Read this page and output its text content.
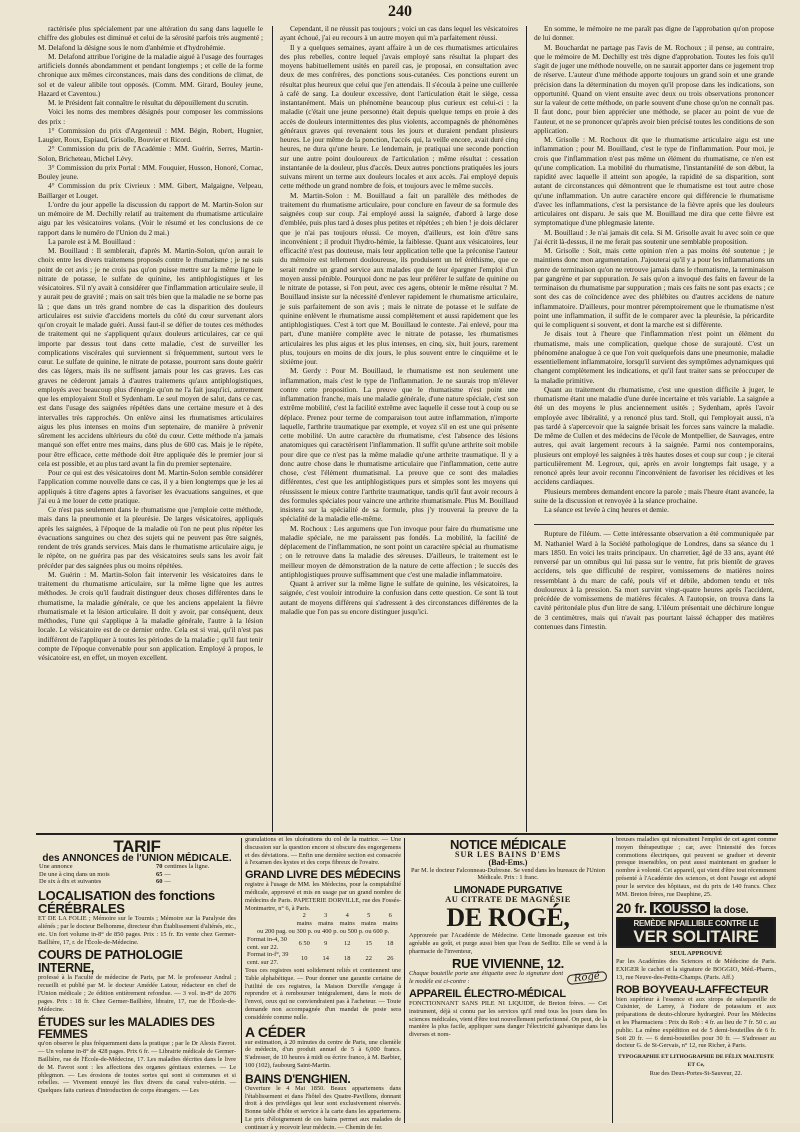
240

ractérisée plus spécialement par une altération du sang dans laquelle le chiffre des globules est diminué et celui de la sérosité parfois très augmenté ; M. Delafond la désigne sous le nom d'anhémie et d'hydrohémie.

M. Delafond attribue l'origine de la maladie aigué à l'usage des fourrages artificiels donnés abondamment et pendant longtemps ; et celle de la forme chronique aux mêmes circonstances, mais dans des conditions de climat, de sol et de valeur alibile tout opposés. (Comm. MM. Girard, Bouley jeune, Hazard et Caventou.)

M. le Président fait connaître le résultat du dépouillement du scrutin.

Voici les noms des membres désignés pour composer les commissions des prix :

1° Commission du prix d'Argenteuil : MM. Bégin, Robert, Hugnier, Laugier, Roux, Espiaud, Grisolle, Bouvier et Ricord.

2° Commission du prix de l'Académie : MM. Guérin, Serres, Martin-Solon, Bricheteau, Michel Lévy.

3° Commission du prix Portal : MM. Fouquier, Husson, Honoré, Cornac, Bouley jeune.

4° Commission du prix Civrieux : MM. Gibert, Malgaigne, Velpeau, Baillarger et Louget.

L'ordre du jour appelle la discussion du rapport de M. Martin-Solon sur un mémoire de M. Dechilly relatif au traitement du rhumatisme articulaire aigu par les vésicatoires volans. (Voir le résumé et les conclusions de ce rapport dans le numéro de l'Union du 2 mai.)

La parole est à M. Bouillaud :

M. Bouillaud : Il semblerait, d'après M. Martin-Solon, qu'on aurait le choix entre les divers traitemens proposés contre le rhumatisme ; je ne suis point de cet avis ; je ne crois pas qu'on puisse mettre sur la même ligne le nitrate de potasse, le sulfate de quinine, les antiphlogistiques et les vésicatoires. S'il n'y avait à considérer que l'inflammation articulaire seule, il y aurait peu de gravité ; mais on sait très bien que la maladie ne se borne pas là ; que dans un très grand nombre de cas la disparition des douleurs articulaires est suivie d'accidens mortels du côté du cœur survenant alors qu'on croyait le malade guéri. Aussi faut-il se défier de toutes ces méthodes de traitement qui ne s'appliquent qu'aux douleurs articulaires, car ce qui importe par dessus tout dans cette maladie, c'est de surveiller les complications viscérales qui surviennent si fréquemment, surtout vers le cœur. Le sulfate de quinine, le nitrate de potasse, pourront sans doute guérir des cas légers, mais ils ne suffisent jamais pour les cas graves. Les cas graves ne cèderont jamais à d'autres traitemens qu'aux antiphlogistiques, employés avec beaucoup plus d'énergie qu'on ne l'a fait jusqu'ici, autrement que les employaient Stoll et Sydenham. Le seul moyen de salut, dans ce cas, est dans l'usage des saignées répétées dans une certaine mesure et à des intervalles très rapprochés. On enlève ainsi les rhumatismes articulaires aigus les plus intenses en moins d'un septenaire, de manière à prévenir sûrement les accidens ultérieurs du côté du cœur. Cette méthode n'a jamais manqué son effet entre mes mains, dans plus de 600 cas. Mais je le répète, pour être efficace, cette méthode doit être appliquée dès le premier jour si cela est possible, et au plus tard avant la fin du premier septenaire.

Pour ce qui est des vésicatoires dont M. Martin-Solon semble considérer l'application comme nouvelle dans ce cas, il y a bien longtemps que je les ai appliqués à titre d'agens aptes à favoriser les évacuations sanguines, et que j'ai eu à me louer de cette pratique.

Ce n'est pas seulement dans le rhumatisme que j'emploie cette méthode, mais dans la pneumonie et la pleurésie. De larges vésicatoires, appliqués après les saignées, à l'époque de la maladie où l'on ne peut plus répéter les évacuations sanguines ou chez des sujets qui ne peuvent pas être saignés, rendent de très grands services. Mais dans le rhumatisme articulaire aigu, je le répète, on ne guérira pas par des vésicatoires seuls sans les avoir fait précéder par des saignées plus ou moins répétées.

M. Guérin : M. Martin-Solon fait intervenir les vésicatoires dans le traitement du rhumatisme articulaire, sur la même ligne que les autres méthodes. Je crois qu'il faudrait distinguer deux choses différentes dans le rhumatisme, la maladie générale, ce que les anciens appelaient la fièvre rhumatismale et la lésion articulaire. Il doit y avoir, par conséquent, deux méthodes, l'une qui s'applique à la maladie générale, l'autre à la lésion locale. Le vésicatoire est de ce dernier ordre. Cela est si vrai, qu'il n'est pas indifférent de l'appliquer à toutes les périodes de la maladie ; qu'il faut tenir compte de l'époque convenable pour son application. Employé à propos, le vésicatoire est, en effet, un moyen excellent.

Cependant, il ne réussit pas toujours ; voici un cas dans lequel les vésicatoires ayant échoué, j'ai eu recours à un autre moyen qui m'a parfaitement réussi.

Il y a quelques semaines, ayant affaire à un de ces rhumatismes articulaires des plus rebelles, contre lequel j'avais employé sans résultat la plupart des moyens habituellement usités en pareil cas, je proposai, en consultation avec deux de mes confrères, des ponctions sous-cutanées. Ces ponctions eurent un résultat plus heureux que celui que j'en attendais. Il s'écoula à peine une cuillerée à café de sang. La douleur excessive, dont l'articulation était le siège, cessa instantanément. Mais un phénomène beaucoup plus curieux est celui-ci : la maladie (c'était une jeune personne) était depuis quelque temps en proie à des accès de douleurs intermittentes des plus violents, accompagnés de phénomènes généraux graves qui revenaient tous les jours et duraient pendant plusieurs heures. Le jour même de la ponction, l'accès qui, la veille encore, avait duré cinq heures, ne dura qu'une heure. Le lendemain, je pratiquai une seconde ponction sur une autre point douloureux de l'articulation ; même résultat : cessation instantanée de la douleur, plus d'accès. Deux autres ponctions pratiquées les jours suivans mirent un terme aux douleurs locales et aux accès. J'ai employé depuis cette méthode un grand nombre de fois, et toujours avec le même succès.

M. Martin-Solon : M. Bouillaud a fait un parallèle des méthodes de traitement du rhumatisme articulaire, pour conclure en faveur de sa formule des saignées coup sur coup. J'ai employé aussi la saignée, d'abord à large dose d'emblée, puis plus tard à doses plus petites et répétées ; eh bien ! je dois déclarer que je n'ai pas toujours réussi. Ce moyen, d'ailleurs, est loin d'être sans inconvénient ; il produit l'hydro-hémie, la faiblesse. Quant aux vésicatoires, leur efficacité n'est pas douteuse, mais leur application telle que la préconise l'auteur du mémoire est tellement douloureuse, ils produisent un tel éréthisme, que ce serait rendre un grand service aux malades que de leur épargner l'emploi d'un moyen aussi pénible. Pourquoi donc ne pas leur préférer le sulfate de quinine ou le nitrate de potasse, si l'on peut, avec ces agens, obtenir le même résultat ? M. Bouillaud insiste sur la nécessité d'enlever rapidement le rhumatisme articulaire, je suis parfaitement de son avis ; mais le nitrate de potasse et le sulfate de quinine enlèvent le rhumatisme aussi complètement et aussi rapidement que les antiphlogistiques. C'est à tort que M. Bouillaud le conteste. J'ai enlevé, pour ma part, d'une manière complète avec le nitrate de potasse, les rhumatismes articulaires les plus aigus et les plus intenses, en cinq, six, huit jours, rarement plus, toujours en moins de dix jours, le plus souvent entre le cinquième et le sixième jour.

M. Gerdy : Pour M. Bouillaud, le rhumatisme est non seulement une inflammation, mais c'est le type de l'inflammation. Je ne saurais trop m'élever contre cette proposition. La preuve que le rhumatisme n'est point une inflammation franche, mais une maladie générale, d'une nature spéciale, c'est son extrême mobilité, c'est la facilité extrême avec laquelle il cesse tout à coup ou se déplace. Prenez pour terme de comparaison tout autre inflammation, n'importe laquelle, l'arthrite traumatique par exemple, et voyez s'il en est une qui présente cette mobilité. Un autre caractère du rhumatisme, c'est l'absence des lésions anatomiques qui caractérisent l'inflammation. Il suffit qu'une arthrite soit mobile pour dire que ce n'est pas la même maladie qu'une arthrite traumatique. Il y a donc autre chose dans le rhumatisme articulaire que l'inflammation, cette autre chose, c'est l'élément rhumatismal. La preuve que ce sont des maladies différentes, c'est que les antiphlogistiques purs et simples sont les moyens qui réussissent le mieux contre l'arthrite traumatique, tandis qu'il faut avoir recours à des formules spéciales pour vaincre une arthrite rhumatismale. Plus M. Bouillaud insistera sur la spécialité de sa formule, plus j'y trouverai la preuve de la spécialité de la maladie elle-même.

M. Rochoux : Les argumens que l'on invoque pour faire du rhumatisme une maladie spéciale, ne me paraissent pas fondés. La mobilité, la facilité de déplacement de l'inflammation, ne sont point un caractère spécial au rhumatisme ; on le retrouve dans la maladie des séreuses. D'ailleurs, le traitement est le meilleur moyen de démonstration de la nature de cette affection ; le succès des antiphlogistiques prouve suffisamment que c'est une maladie inflammatoire.

Quant à arriver sur la même ligne le sulfate de quinine, les vésicatoires, la saignée, c'est vouloir introduire la confusion dans cette question. Ce sont là tout autant de moyens différens qui s'adressent à des circonstances différentes de la maladie que l'on pas su encore distinguer jusqu'ici.

En somme, le mémoire ne me paraît pas digne de l'approbation qu'on propose de lui donner.

M. Bouchardat ne partage pas l'avis de M. Rochoux ; il pense, au contraire, que le mémoire de M. Dechilly est très digne d'approbation. Toutes les fois qu'il s'agit de juger une méthode nouvelle, on ne saurait apporter dans ce jugement trop de réserve. L'auteur d'une méthode apporte toujours un grand soin et une grande précision dans la détermination du moyen qu'il propose dans les indications, son opportunité. Quand on vient ensuite avec deux ou trois observations prononcer sur la valeur de cette méthode, on parle souvent d'une chose qu'on ne connaît pas. Il faut donc, pour bien apprécier une méthode, se placer au point de vue de l'auteur, et ne se prononcer qu'après avoir bien précisé toutes les conditions de son application.

M. Grisolle : M. Rochoux dit que le rhumatisme articulaire aigu est une inflammation ; pour M. Bouillaud, c'est le type de l'inflammation. Pour moi, je crois que l'inflammation n'est pas même un élément du rhumatisme, ce n'en est qu'une complication. La mobilité du rhumatisme, l'instantanéité de son début, la rapidité avec laquelle il atteint son apogée, la rapidité de sa disparition, sont autant de circonstances qui démontrent que le rhumatisme est tout autre chose qu'une inflammation. Un autre caractère encore qui différencie le rhumatisme d'avec les inflammations, c'est la persistance de la fièvre après que les douleurs articulaires ont disparu. Je sais que M. Bouillaud me dira que cette fièvre est symptomatique d'une phlegmasie latente.

M. Bouillaud : Je n'ai jamais dit cela. Si M. Grisolle avait lu avec soin ce que j'ai écrit là-dessus, il ne me ferait pas soutenir une semblable proposition.

M. Grisolle : Soit, mais cette opinion n'en a pas moins été soutenue ; je maintiens donc mon argumentation. J'ajouterai qu'il y a pour les inflammations un genre de terminaison qu'on ne retrouve jamais dans le rhumatisme, la terminaison par gangrène et par suppuration. Je sais qu'on a invoqué des faits en faveur de la terminaison du rhumatisme par suppuration ; mais ces faits ne sont pas exacts ; ce sont des cas de coïncidence avec des phlébites ou d'autres accidens de nature inflammatoire. D'ailleurs, pour montrer péremptoirement que le rhumatisme n'est point une inflammation, il suffit de le comparer avec la pleurésie, la péricardite qui le compliquent si souvent, et dont la marche est si différente.

Je disais tout à l'heure que l'inflammation n'est point un élément du rhumatisme, mais une complication, quelque chose de surajouté. C'est un phénomène analogue à ce que l'on voit quelquefois dans une pneumonie, maladie essentiellement inflammatoire, lorsqu'il survient des symptômes adynamiques qui changent complètement les indications, et qu'il faut traiter sans se préoccuper de la maladie primitive.

Quant au traitement du rhumatisme, c'est une question difficile à juger, le rhumatisme étant une maladie d'une durée incertaine et très variable. La saignée a été un des moyens le plus anciennement usités ; Sydenham, après l'avoir employée avec libéralité, y a renoncé plus tard. Stoll, qui l'employait aussi, n'a pas tardé à s'apercevoir que la saignée brisait les forces sans vaincre la maladie. De même de Cullen et des médecins de l'école de Montpellier, de Sauvages, entre autres, qui avait largement recours à la saignée. Parmi nos contemporains, plusieurs ont employé les saignées à très hautes doses et coup sur coup ; je citerai particulièrement M. Legroux, qui, après en avoir longtemps fait usage, y a renoncé après leur avoir reconnu l'inconvénient de favoriser les récidives et les accidens cardiaques.

Plusieurs membres demandent encore la parole ; mais l'heure étant avancée, la suite de la discussion et renvoyée à la séance prochaine.

La séance est levée à cinq heures et demie.

Rupture de l'iléum. — Cette intéressante observation a été communiquée par M. Nathaniel Ward à la Société pathologique de Londres, dans sa séance du 1 mars 1850. En voici les traits principaux. Un charretier, âgé de 33 ans, ayant été renversé par un omnibus qui lui passa sur le ventre, fut pris bientôt de graves accidens, tels que difficulté de respirer, vomissemens de matières noires ressemblant à du marc de café, pouls vif et débile, abdomen tendu et très douloureux à la pression. Sa mort survint vingt-quatre heures après l'accident, précédée de vomissemens de matières fécales. A l'autopsie, on trouva dans la cavité péritonéale plus d'un litre de sang. L'iléum présentait une déchirure longue de 3 centimètres, mais qui n'avait pas pourtant laissé échapper des matières contenues dans l'intestin.

TARIF
des ANNONCES de l'UNION MÉDICALE.
Une annonce	70	centimes la ligne.
De une à cinq dans un mois	65	—
De six à dix et suivantes	60	—
LOCALISATION des fonctions CÉRÉBRALES

ET DE LA FOLIE ; Mémoire sur le Tournis ; Mémoire sur la Paralysie des aliénés ; par le docteur Belhomme, directeur d'un Établissement d'aliénés, etc., etc. Un fort volume in-8° de 850 pages. Prix : 15 fr. En vente chez Germer-Baillière, 17, r. de l'École-de-Médecine.

COURS DE PATHOLOGIE INTERNE,

professé à la Faculté de médecine de Paris, par M. le professeur Andral ; recueilli et publié par M. le docteur Amédée Latour, rédacteur en chef de l'Union médicale ; 2e édition entièrement refondue. — 3 vol. in-8° de 2076 pages. Prix : 18 fr. Chez Germer-Baillière, libraire, 17, rue de l'École-de-Médecine.

ÉTUDES sur les MALADIES DES FEMMES

qu'on observe le plus fréquemment dans la pratique ; par le Dr Alexis Favrot. — Un volume in-8° de 428 pages. Prix 6 fr. — Librairie médicale de Germer-Baillière, rue de l'École-de-Médecine, 17. Les maladies décrites dans le livre de M. Favrot sont : les affections des organes génitaux externes. — Le phlegmon. — Les érosions de toutes sortes qui sont si communes et si rebelles. — Vivement ennuyé les flux divers du canal vulvo-utérin. — Quelques faits curieux d'introduction de corps étrangers. — Les

granulations et les ulcérations du col de la matrice. — Une discussion sur la question encore si obscure des engorgemens et des déviations. — Enfin une dernière section est consacrée à l'examen des kystes et des corps fibreux de l'ovaire.

GRAND LIVRE DES MÉDECINS

registre à l'usage de MM. les Médecins, pour la comptabilité médicale, approuvé et mis en usage par un grand nombre de médecins de Paris. PAPETERIE DORVILLE, rue des Fossés-Montmartre, n° 6, à Paris.

	2 mains	3 mains	4 mains	5 mains	6 mains
ou 200 pag. ou 300 p. ou 400 p. ou 500 p. ou 600 p.					
Format in-4, 30 cent. sur 22.	6 50	9	12	15	18
Format in-f°, 39 cent. sur 27.	10	14	18	22	26

Tous ces registres sont solidement reliés et contiennent une Table alphabétique. — Pour donner une garantie certaine de l'utilité de ces registres, la Maison Dorville s'engage à reprendre et à rembourser intégralement, dans le mois de l'envoi, ceux qui ne conviendraient pas à l'acheteur. — Toute demande non accompagnée d'un mandat de poste sera considérée comme nulle.

A CÉDER

sur estimation, à 20 minutes du centre de Paris, une clientèle de médecin, d'un produit annuel de 5 à 6,000 francs. S'adresser, de 10 heures à midi ou écrire franco, à M. Barbier, 100 (102), faubourg Saint-Martin.

BAINS D'ENGHIEN.

Ouverture le 4 Mai 1850. Beaux appartemens dans l'établissement et dans l'hôtel des Quatre-Pavillons, donnant droit à des privilèges qui leur sont exclusivement réservés. Bonne table d'hôte et service à la carte dans les appartemens. Le prix d'éloignement de ces bains permet aux malades de continuer à y recevoir leur médecin. — Chemin de fer.

NOTICE MÉDICALE
SUR LES BAINS D'EMS
(Bad-Ems.)

Par M. le docteur Falconneau-Dufresne. Se vend dans les bureaux de l'Union Médicale. Prix : 1 franc.

LIMONADE PURGATIVE
AU CITRATE DE MAGNÉSIE
DE ROGÉ,

Approuvée par l'Académie de Médecine. Cette limonade gazeuse est très agréable au goût, et purge aussi bien que l'eau de Sedlitz. Elle se vend à la pharmacie de l'inventeur,

RUE VIVIENNE, 12.

Chaque bouteille porte une étiquette avec la signature dont le modèle est ci-contre :	Rogé
APPAREIL ÉLECTRO-MÉDICAL

FONCTIONNANT SANS PILE NI LIQUIDE, de Breton frères. — Cet instrument, déjà si connu par les services qu'il rend tous les jours dans les sciences médicales, vient d'être tout nouvellement perfectionné. On peut, de la manière la plus facile, appliquer sans danger l'électricité galvanique dans les diverses et nom-

breuses maladies qui nécessitent l'emploi de cet agent comme moyen thérapeutique ; car, avec l'intensité des forces commotions électriques, qui peuvent se graduer et devenir presque insensibles, on peut aussi maintenant en graduer le nombre à volonté. Cet appareil, qui vient d'être tout récemment présenté à l'Académie des sciences, et dont l'usage est adopté pour le service des hôpitaux, est du prix de 140 francs. Chez MM. Breton frères, rue Dauphine, 25.

20 fr. KOUSSO la dose.
REMÈDE INFAILLIBLE CONTRE LE
VER SOLITAIRE
SEUL APPROUVÉ

Par les Académies des Sciences et de Médecine de Paris. EXIGER le cachet et la signature de BOGGIO, Méd.-Pharm., 13, rue Neuve-des-Petits-Champs. (Paris. Aff.)

ROB BOYVEAU-LAFFECTEUR

bien supérieur à l'essence et aux sirops de salsepareille de Cuisinier, de Larrey, à l'iodure de potassium et aux préparations de deuto-chlorure hydrargiré. Pour les Médecins et les Pharmaciens : Prix du Rob : 4 fr. au lieu de 7 fr. 50 c. au public. La même expédition est de 5 demi-bouteilles de 6 fr. Soit 20 fr. — 6 demi-bouteilles pour 30 fr. — S'adresser au docteur G. de St-Gervais, n° 12, rue Richer, à Paris.

TYPOGRAPHIE ET LITHOGRAPHIE DE FÉLIX MALTESTE ET Ce,
Rue des Deux-Portes-St-Sauveur, 22.
